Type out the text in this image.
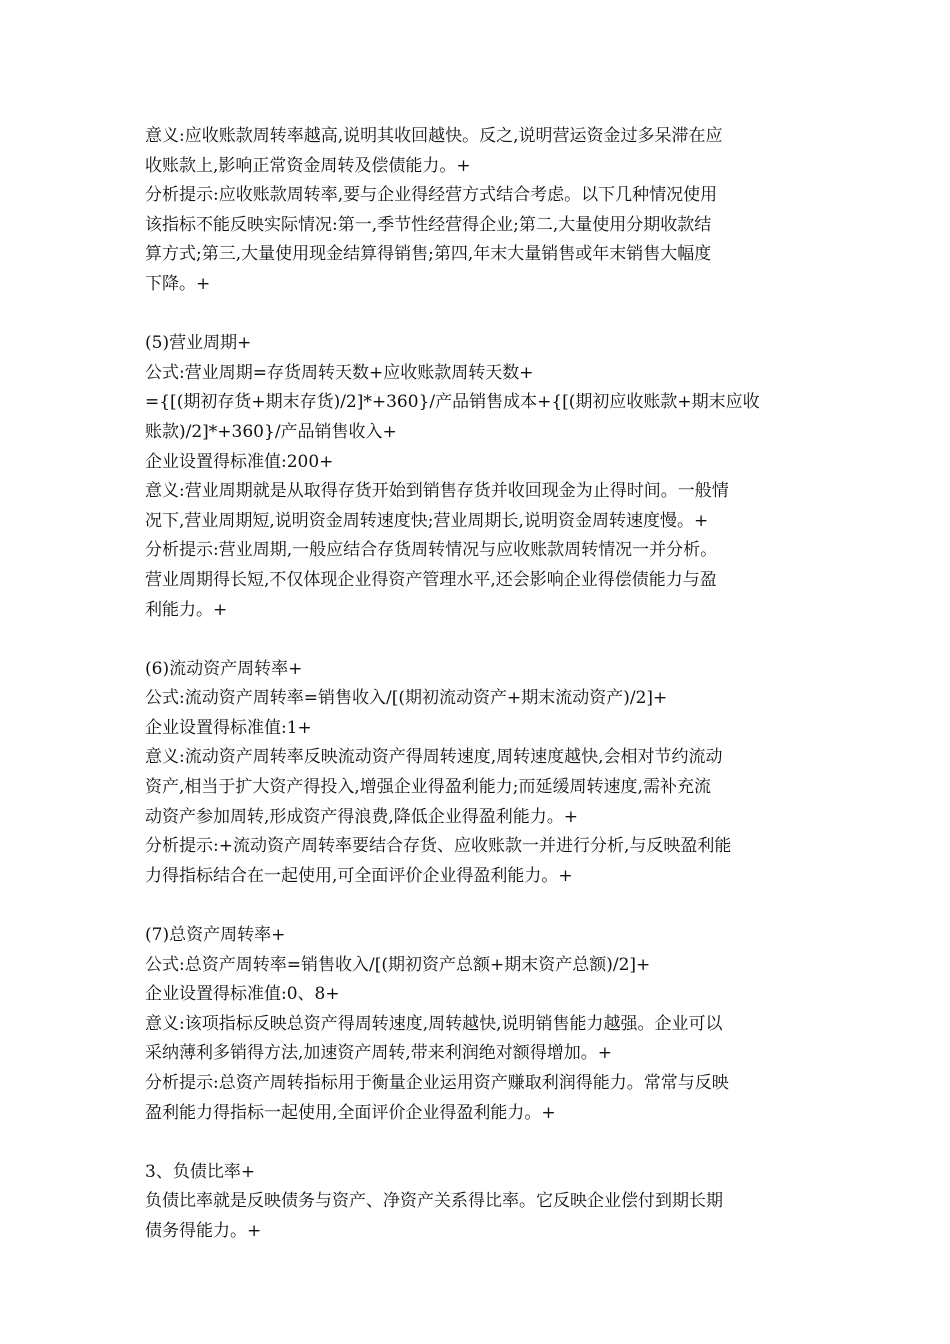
意义:应收账款周转率越高,说明其收回越快。反之,说明营运资金过多呆滞在应
收账款上,影响正常资金周转及偿债能力。+
分析提示:应收账款周转率,要与企业得经营方式结合考虑。以下几种情况使用
该指标不能反映实际情况:第一,季节性经营得企业;第二,大量使用分期收款结
算方式;第三,大量使用现金结算得销售;第四,年末大量销售或年末销售大幅度
下降。+
(5)营业周期+
公式:营业周期=存货周转天数+应收账款周转天数+
={[(期初存货+期末存货)/2]*+360}/产品销售成本+{[(期初应收账款+期末应收
账款)/2]*+360}/产品销售收入+
企业设置得标准值:200+
意义:营业周期就是从取得存货开始到销售存货并收回现金为止得时间。一般情
况下,营业周期短,说明资金周转速度快;营业周期长,说明资金周转速度慢。+
分析提示:营业周期,一般应结合存货周转情况与应收账款周转情况一并分析。
营业周期得长短,不仅体现企业得资产管理水平,还会影响企业得偿债能力与盈
利能力。+
(6)流动资产周转率+
公式:流动资产周转率=销售收入/[(期初流动资产+期末流动资产)/2]+
企业设置得标准值:1+
意义:流动资产周转率反映流动资产得周转速度,周转速度越快,会相对节约流动
资产,相当于扩大资产得投入,增强企业得盈利能力;而延缓周转速度,需补充流
动资产参加周转,形成资产得浪费,降低企业得盈利能力。+
分析提示:+流动资产周转率要结合存货、应收账款一并进行分析,与反映盈利能
力得指标结合在一起使用,可全面评价企业得盈利能力。+
(7)总资产周转率+
公式:总资产周转率=销售收入/[(期初资产总额+期末资产总额)/2]+
企业设置得标准值:0、8+
意义:该项指标反映总资产得周转速度,周转越快,说明销售能力越强。企业可以
采纳薄利多销得方法,加速资产周转,带来利润绝对额得增加。+
分析提示:总资产周转指标用于衡量企业运用资产赚取利润得能力。常常与反映
盈利能力得指标一起使用,全面评价企业得盈利能力。+
3、负债比率+
负债比率就是反映债务与资产、净资产关系得比率。它反映企业偿付到期长期
债务得能力。+
